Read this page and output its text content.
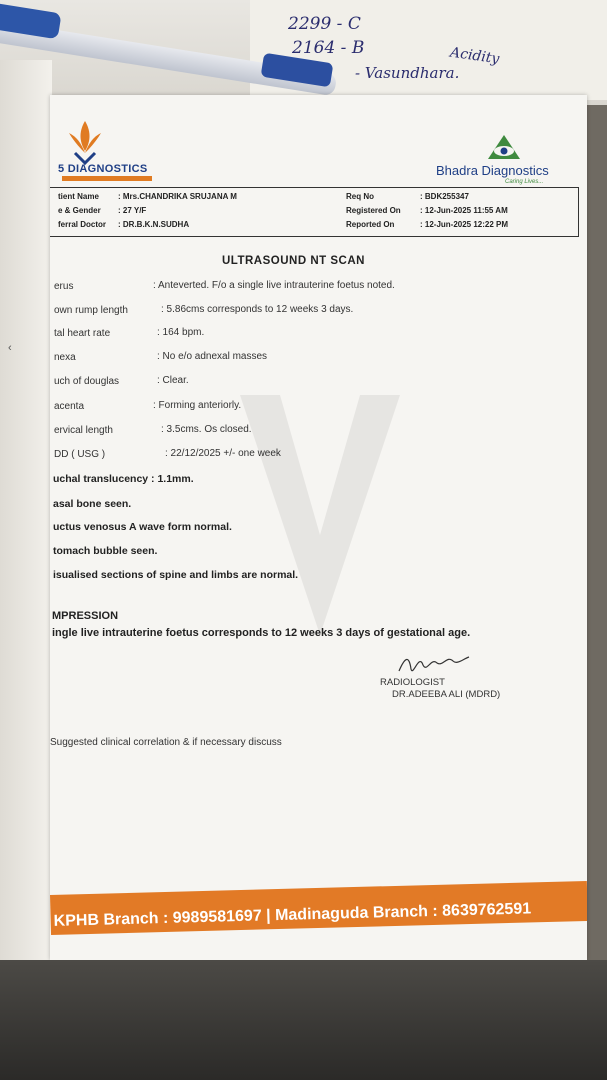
2299 - C
2164 - B	Acidity
- Vasundhara.
‹
5 DIAGNOSTICS	Bhadra Diagnostics
Caring Lives...
tient Name : Mrs.CHANDRIKA SRUJANA M
e & Gender : 27 Y/F
ferral Doctor : DR.B.K.N.SUDHA
Req No	: BDK255347
Registered On : 12-Jun-2025 11:55 AM
Reported On	: 12-Jun-2025 12:22 PM
ULTRASOUND NT SCAN
erus	: Anteverted. F/o a single live intrauterine foetus noted.
own rump length	: 5.86cms corresponds to 12 weeks 3 days.
tal heart rate	: 164 bpm.
nexa	: No e/o adnexal masses
uch of douglas	: Clear.
acenta	: Forming anteriorly.
ervical length	: 3.5cms. Os closed.
DD ( USG )	: 22/12/2025 +/- one week
uchal translucency : 1.1mm.
asal bone seen.
uctus venosus A wave form normal.
tomach bubble seen.
isualised sections of spine and limbs are normal.
MPRESSION
ingle live intrauterine foetus corresponds to 12 weeks 3 days of gestational age.
RADIOLOGIST
DR.ADEEBA ALI (MDRD)
Suggested clinical correlation & if necessary discuss
KPHB Branch : 9989581697 | Madinaguda Branch : 8639762591
